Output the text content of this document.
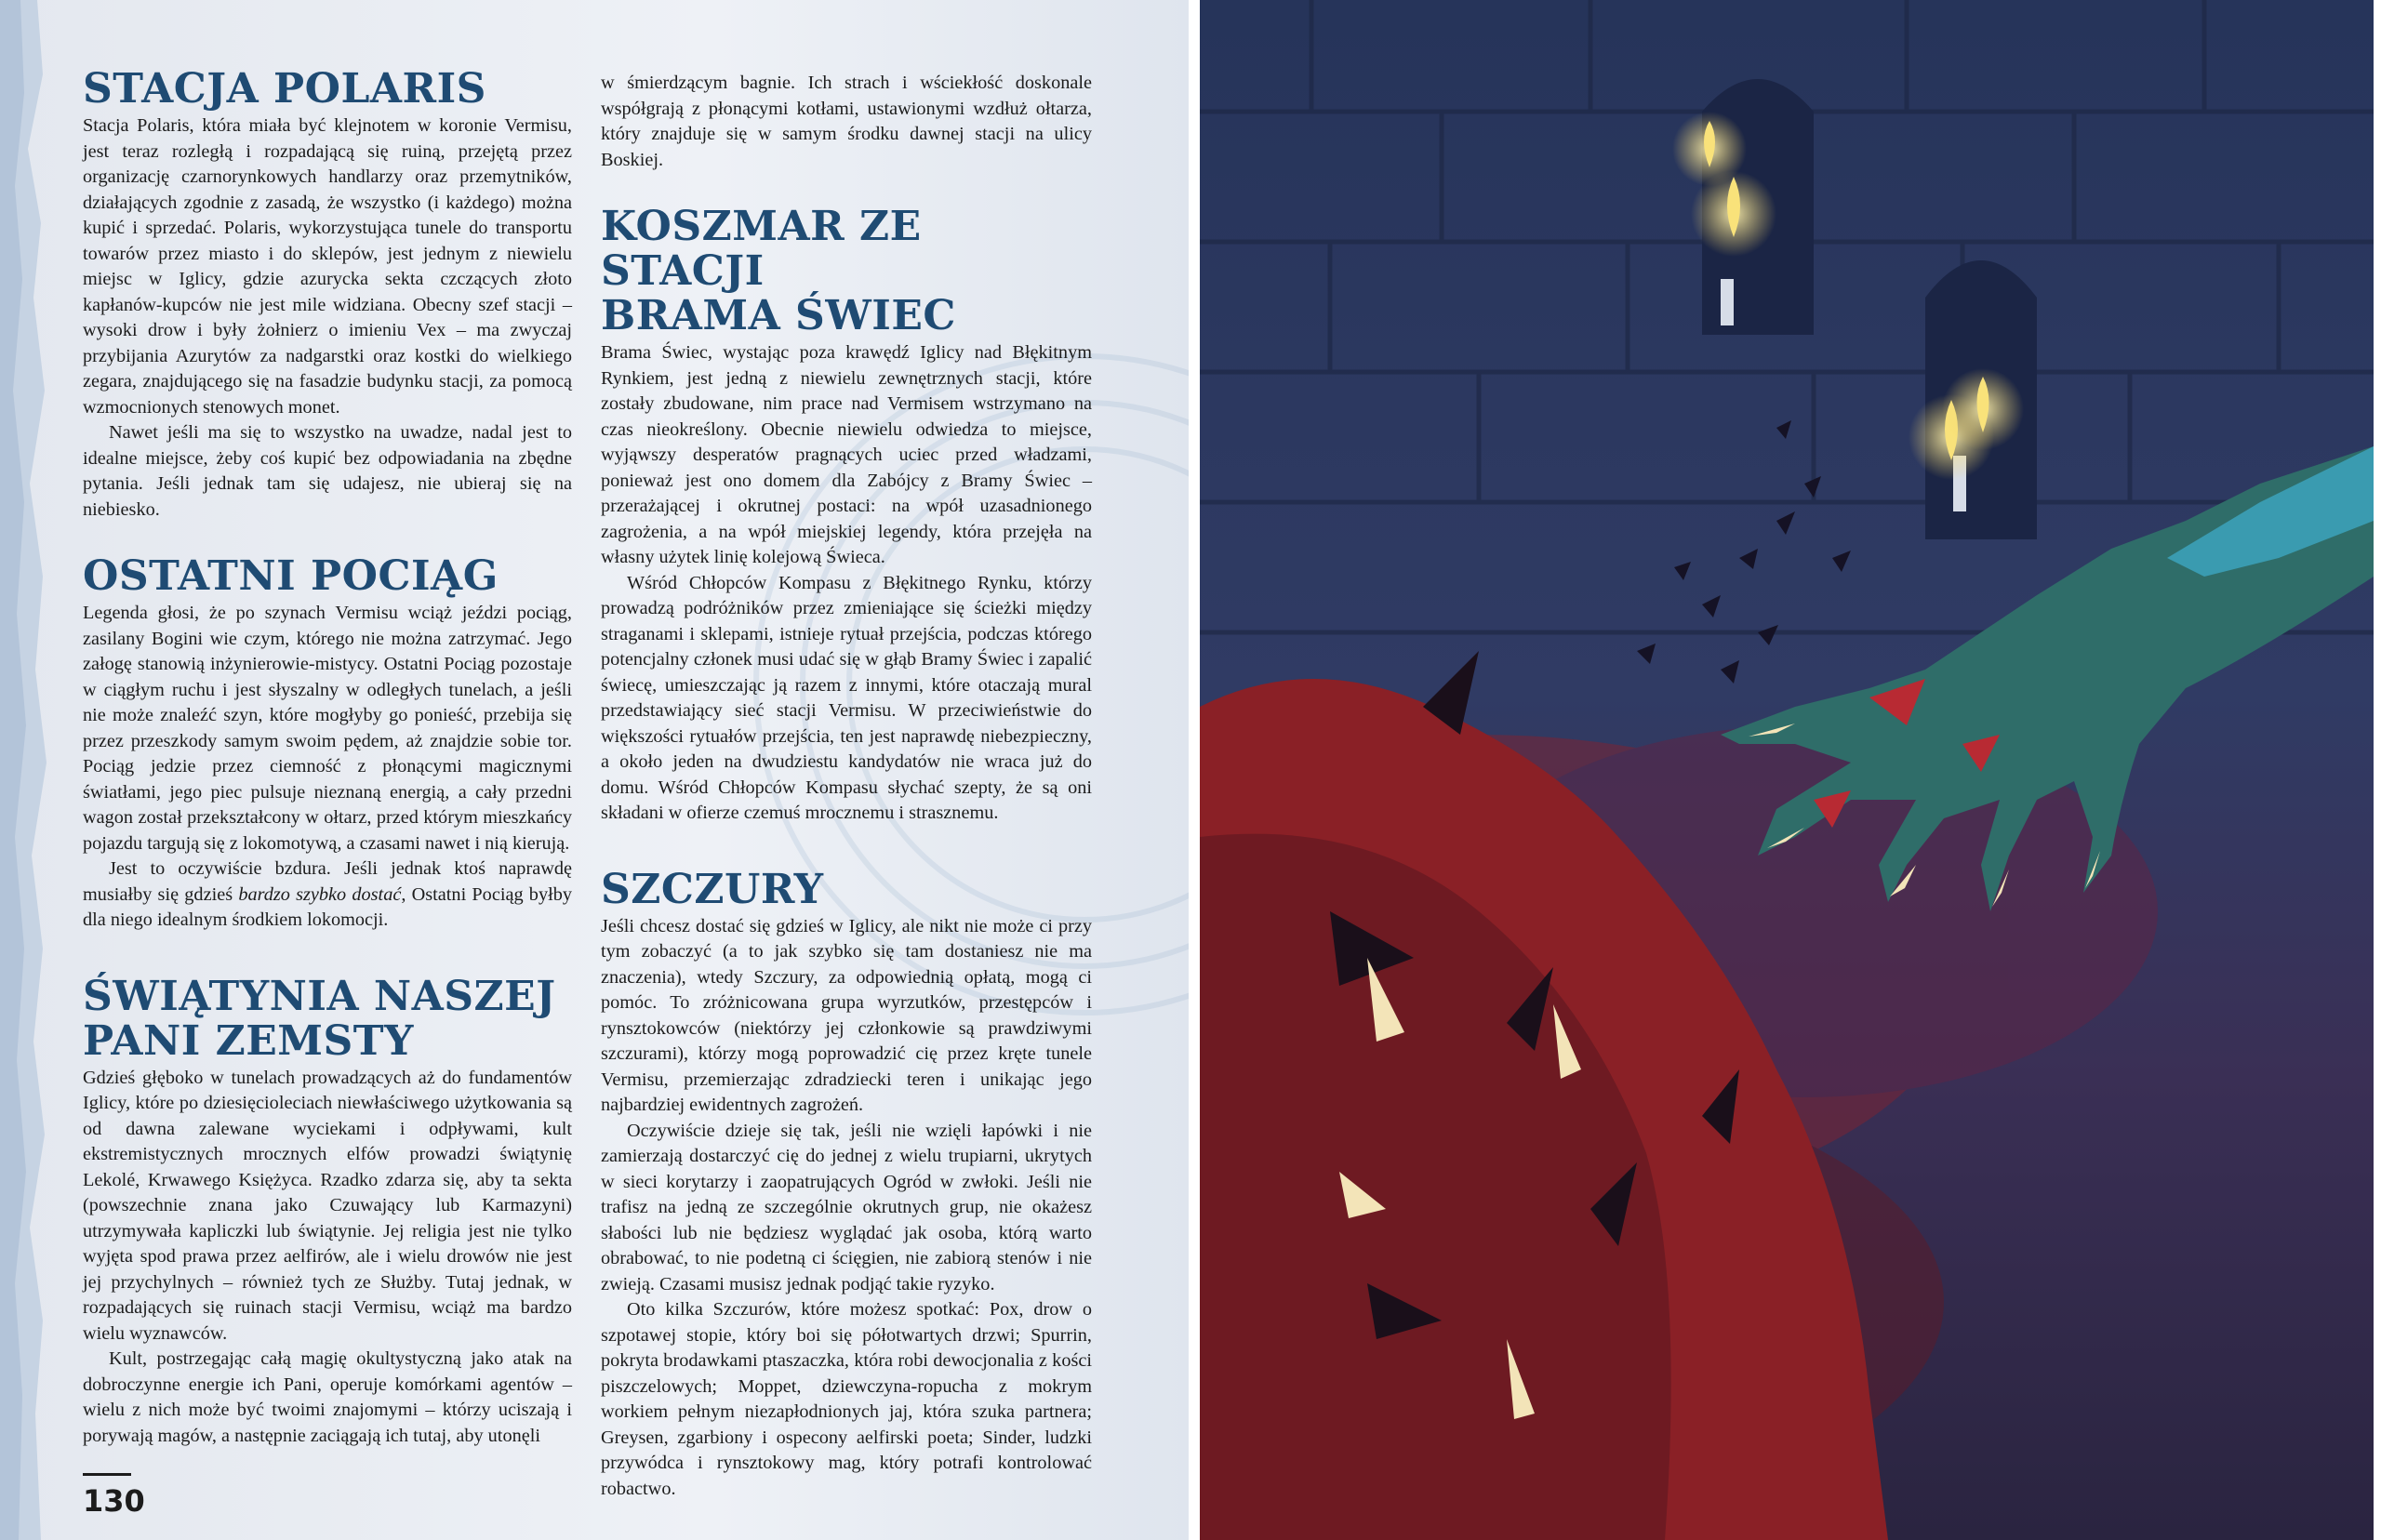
STACJA POLARIS

Stacja Polaris, która miała być klejnotem w koronie Vermisu, jest teraz rozległą i rozpadającą się ruiną, przejętą przez organizację czarnorynkowych handlarzy oraz przemytników, działających zgodnie z zasadą, że wszystko (i każdego) można kupić i sprzedać. Polaris, wykorzystująca tunele do transportu towarów przez miasto i do sklepów, jest jednym z niewielu miejsc w Iglicy, gdzie azurycka sekta czczących złoto kapłanów-kupców nie jest mile widziana. Obecny szef stacji – wysoki drow i były żołnierz o imieniu Vex – ma zwyczaj przybijania Azurytów za nadgarstki oraz kostki do wielkiego zegara, znajdującego się na fasadzie budynku stacji, za pomocą wzmocnionych stenowych monet.

Nawet jeśli ma się to wszystko na uwadze, nadal jest to idealne miejsce, żeby coś kupić bez odpowiadania na zbędne pytania. Jeśli jednak tam się udajesz, nie ubieraj się na niebiesko.

OSTATNI POCIĄG

Legenda głosi, że po szynach Vermisu wciąż jeździ pociąg, zasilany Bogini wie czym, którego nie można zatrzymać. Jego załogę stanowią inżynierowie-mistycy. Ostatni Pociąg pozostaje w ciągłym ruchu i jest słyszalny w odległych tunelach, a jeśli nie może znaleźć szyn, które mogłyby go ponieść, przebija się przez przeszkody samym swoim pędem, aż znajdzie sobie tor. Pociąg jedzie przez ciemność z płonącymi magicznymi światłami, jego piec pulsuje nieznaną energią, a cały przedni wagon został przekształcony w ołtarz, przed którym mieszkańcy pojazdu targują się z lokomotywą, a czasami nawet i nią kierują.

Jest to oczywiście bzdura. Jeśli jednak ktoś naprawdę musiałby się gdzieś bardzo szybko dostać, Ostatni Pociąg byłby dla niego idealnym środkiem lokomocji.

ŚWIĄTYNIA NASZEJ
PANI ZEMSTY

Gdzieś głęboko w tunelach prowadzących aż do fundamentów Iglicy, które po dziesięcioleciach niewłaściwego użytkowania są od dawna zalewane wyciekami i odpływami, kult ekstremistycznych mrocznych elfów prowadzi świątynię Lekolé, Krwawego Księżyca. Rzadko zdarza się, aby ta sekta (powszechnie znana jako Czuwający lub Karmazyni) utrzymywała kapliczki lub świątynie. Jej religia jest nie tylko wyjęta spod prawa przez aelfirów, ale i wielu drowów nie jest jej przychylnych – również tych ze Służby. Tutaj jednak, w rozpadających się ruinach stacji Vermisu, wciąż ma bardzo wielu wyznawców.

Kult, postrzegając całą magię okultystyczną jako atak na dobroczynne energie ich Pani, operuje komórkami agentów – wielu z nich może być twoimi znajomymi – którzy uciszają i porywają magów, a następnie zaciągają ich tutaj, aby utonęli

w śmierdzącym bagnie. Ich strach i wściekłość doskonale współgrają z płonącymi kotłami, ustawionymi wzdłuż ołtarza, który znajduje się w samym środku dawnej stacji na ulicy Boskiej.

KOSZMAR ZE STACJI
BRAMA ŚWIEC

Brama Świec, wystając poza krawędź Iglicy nad Błękitnym Rynkiem, jest jedną z niewielu zewnętrznych stacji, które zostały zbudowane, nim prace nad Vermisem wstrzymano na czas nieokreślony. Obecnie niewielu odwiedza to miejsce, wyjąwszy desperatów pragnących uciec przed władzami, ponieważ jest ono domem dla Zabójcy z Bramy Świec – przerażającej i okrutnej postaci: na wpół uzasadnionego zagrożenia, a na wpół miejskiej legendy, która przejęła na własny użytek linię kolejową Świeca.

Wśród Chłopców Kompasu z Błękitnego Rynku, którzy prowadzą podróżników przez zmieniające się ścieżki między straganami i sklepami, istnieje rytuał przejścia, podczas którego potencjalny członek musi udać się w głąb Bramy Świec i zapalić świecę, umieszczając ją razem z innymi, które otaczają mural przedstawiający sieć stacji Vermisu. W przeciwieństwie do większości rytuałów przejścia, ten jest naprawdę niebezpieczny, a około jeden na dwudziestu kandydatów nie wraca już do domu. Wśród Chłopców Kompasu słychać szepty, że są oni składani w ofierze czemuś mrocznemu i strasznemu.

SZCZURY

Jeśli chcesz dostać się gdzieś w Iglicy, ale nikt nie może ci przy tym zobaczyć (a to jak szybko się tam dostaniesz nie ma znaczenia), wtedy Szczury, za odpowiednią opłatą, mogą ci pomóc. To zróżnicowana grupa wyrzutków, przestępców i rynsztokowców (niektórzy jej członkowie są prawdziwymi szczurami), którzy mogą poprowadzić cię przez kręte tunele Vermisu, przemierzając zdradziecki teren i unikając jego najbardziej ewidentnych zagrożeń.

Oczywiście dzieje się tak, jeśli nie wzięli łapówki i nie zamierzają dostarczyć cię do jednej z wielu trupiarni, ukrytych w sieci korytarzy i zaopatrujących Ogród w zwłoki. Jeśli nie trafisz na jedną ze szczególnie okrutnych grup, nie okażesz słabości lub nie będziesz wyglądać jak osoba, którą warto obrabować, to nie podetną ci ścięgien, nie zabiorą stenów i nie zwieją. Czasami musisz jednak podjąć takie ryzyko.

Oto kilka Szczurów, które możesz spotkać: Pox, drow o szpotawej stopie, który boi się półotwartych drzwi; Spurrin, pokryta brodawkami ptaszaczka, która robi dewocjonalia z kości piszczelowych; Moppet, dziewczyna-ropucha z mokrym workiem pełnym niezapłodnionych jaj, która szuka partnera; Greysen, zgarbiony i ospecony aelfirski poeta; Sinder, ludzki przywódca i rynsztokowy mag, który potrafi kontrolować robactwo.

130
